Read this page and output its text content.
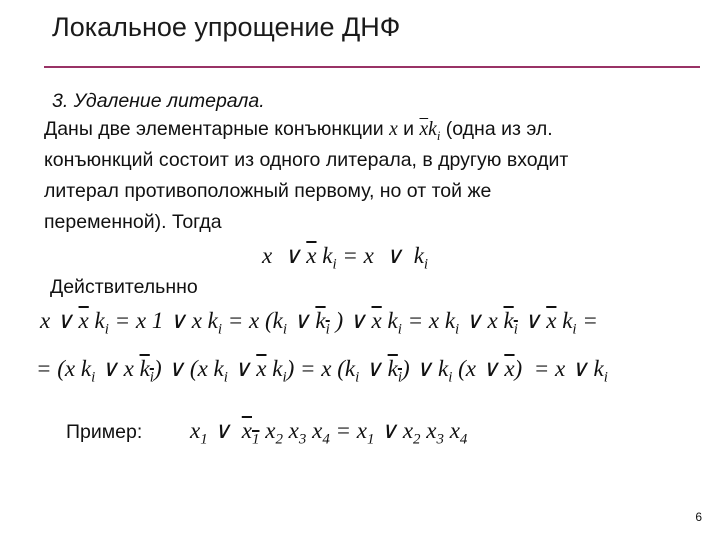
Локальное упрощение ДНФ
3. Удаление литерала.
Даны две элементарные конъюнкции x и $\overline{x}k_i$ (одна из эл.
конъюнкций состоит из одного литерала, в другую входит
литерал противоположный первому, но от той же
переменной). Тогда
x  ∨ $\overline{x}$ $k_i = x$  ∨  $k_i$
Действительнно
x ∨ $\overline{x}$ $k_i = x$ 1 ∨ x $k_i = x$ ($k_i$ ∨ $k_i$ ) ∨ $\overline{x}$ $k_i = x$ $k_i$ ∨ x $k_i$ ∨ $\overline{x}$ $k_i$ =
= (x $k_i$ ∨ x $k_i$) ∨ (x $k_i$ ∨ $\overline{x}$ $k_i) = x$ ($k_i$ ∨ $k_i$) ∨ $k_i$ (x ∨ $\overline{x}) = x$ ∨ $k_i$
Пример: $x_1$ ∨  $x_1$ $x_2$ $x_3$ $x_4 = x_1$ ∨ $x_2$ $x_3$ $x_4$
6
